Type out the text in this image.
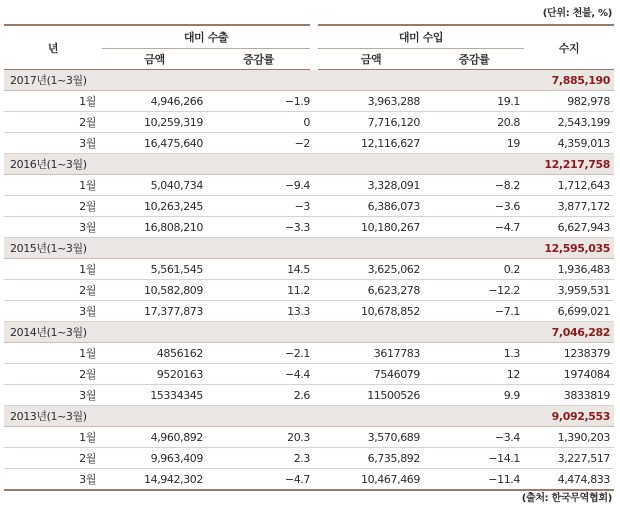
(단위: 천불, %)
년	대미 수출		대미 수입		수지
	금액	증감률	금액	증감률	
2017년(1~3월)					7,885,190
1월	4,946,266	−1.9	3,963,288	19.1	982,978
2월	10,259,319	0	7,716,120	20.8	2,543,199
3월	16,475,640	−2	12,116,627	19	4,359,013
2016년(1~3월)					12,217,758
1월	5,040,734	−9.4	3,328,091	−8.2	1,712,643
2월	10,263,245	−3	6,386,073	−3.6	3,877,172
3월	16,808,210	−3.3	10,180,267	−4.7	6,627,943
2015년(1~3월)					12,595,035
1월	5,561,545	14.5	3,625,062	0.2	1,936,483
2월	10,582,809	11.2	6,623,278	−12.2	3,959,531
3월	17,377,873	13.3	10,678,852	−7.1	6,699,021
2014년(1~3월)					7,046,282
1월	4856162	−2.1	3617783	1.3	1238379
2월	9520163	−4.4	7546079	12	1974084
3월	15334345	2.6	11500526	9.9	3833819
2013년(1~3월)					9,092,553
1월	4,960,892	20.3	3,570,689	−3.4	1,390,203
2월	9,963,409	2.3	6,735,892	−14.1	3,227,517
3월	14,942,302	−4.7	10,467,469	−11.4	4,474,833
(출처: 한국무역협회)
